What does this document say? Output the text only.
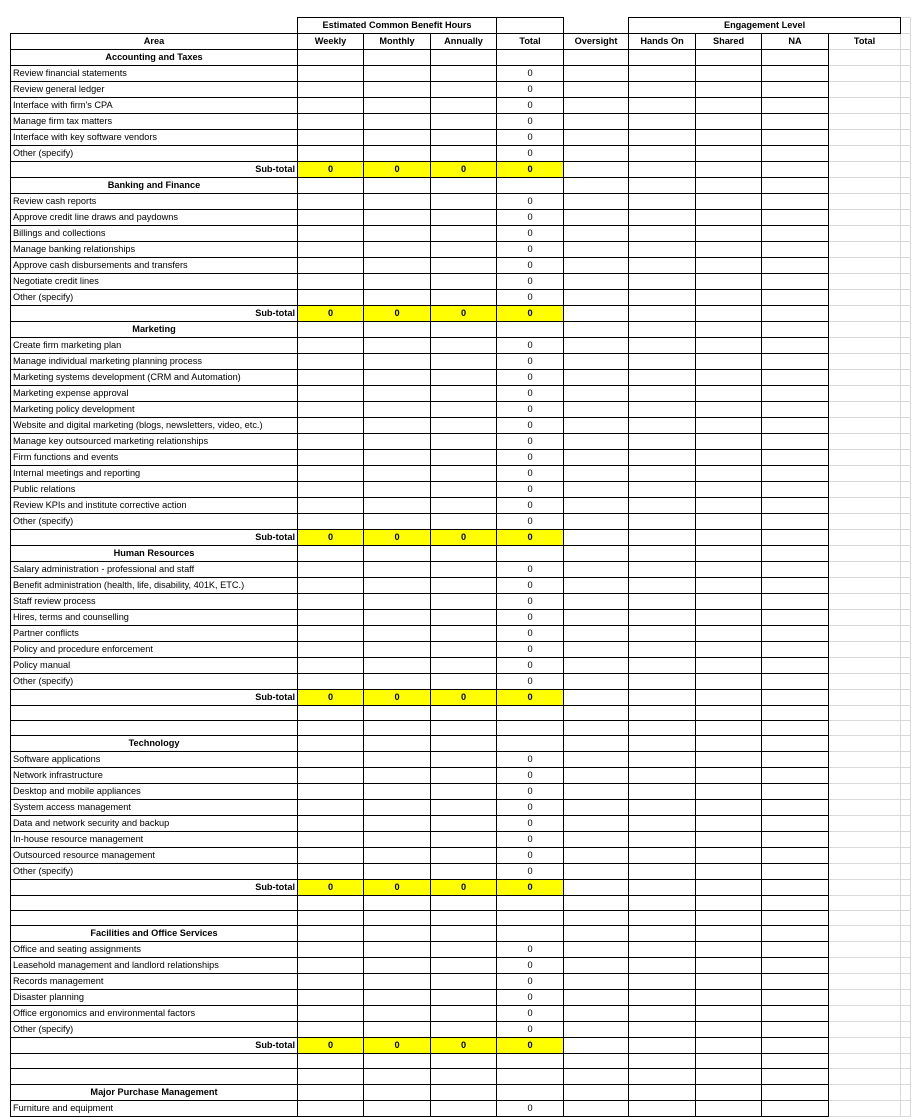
	Estimated Common Benefit Hours					Engagement Level				
Area	Weekly	Monthly	Annually	Total	Oversight	Hands On	Shared	NA	Total	
Accounting and Taxes										
Review financial statements				0						
Review general ledger				0						
Interface with firm's CPA				0						
Manage firm tax matters				0						
Interface with key software vendors				0						
Other (specify)				0						
Sub-total	0	0	0	0						
Banking and Finance										
Review cash reports				0						
Approve credit line draws and paydowns				0						
Billings and collections				0						
Manage banking relationships				0						
Approve cash disbursements and transfers				0						
Negotiate credit lines				0						
Other (specify)				0						
Sub-total	0	0	0	0						
Marketing										
Create firm marketing plan				0						
Manage individual marketing planning process				0						
Marketing systems development (CRM and Automation)				0						
Marketing expense approval				0						
Marketing policy development				0						
Website and digital marketing (blogs, newsletters, video, etc.)				0						
Manage key outsourced marketing relationships				0						
Firm functions and events				0						
Internal meetings and reporting				0						
Public relations				0						
Review KPIs and institute corrective action				0						
Other (specify)				0						
Sub-total	0	0	0	0						
Human Resources										
Salary administration - professional and staff				0						
Benefit administration (health, life, disability, 401K, ETC.)				0						
Staff review process				0						
Hires, terms and counselling				0						
Partner conflicts				0						
Policy and procedure enforcement				0						
Policy manual				0						
Other (specify)				0						
Sub-total	0	0	0	0						

Technology										
Software applications				0						
Network infrastructure				0						
Desktop and mobile appliances				0						
System access management				0						
Data and network security and backup				0						
In-house resource management				0						
Outsourced resource management				0						
Other (specify)				0						
Sub-total	0	0	0	0						

Facilities and Office Services										
Office and seating assignments				0						
Leasehold management and landlord relationships				0						
Records management				0						
Disaster planning				0						
Office ergonomics and environmental factors				0						
Other (specify)				0						
Sub-total	0	0	0	0						

Major Purchase Management										
Furniture and equipment				0						
